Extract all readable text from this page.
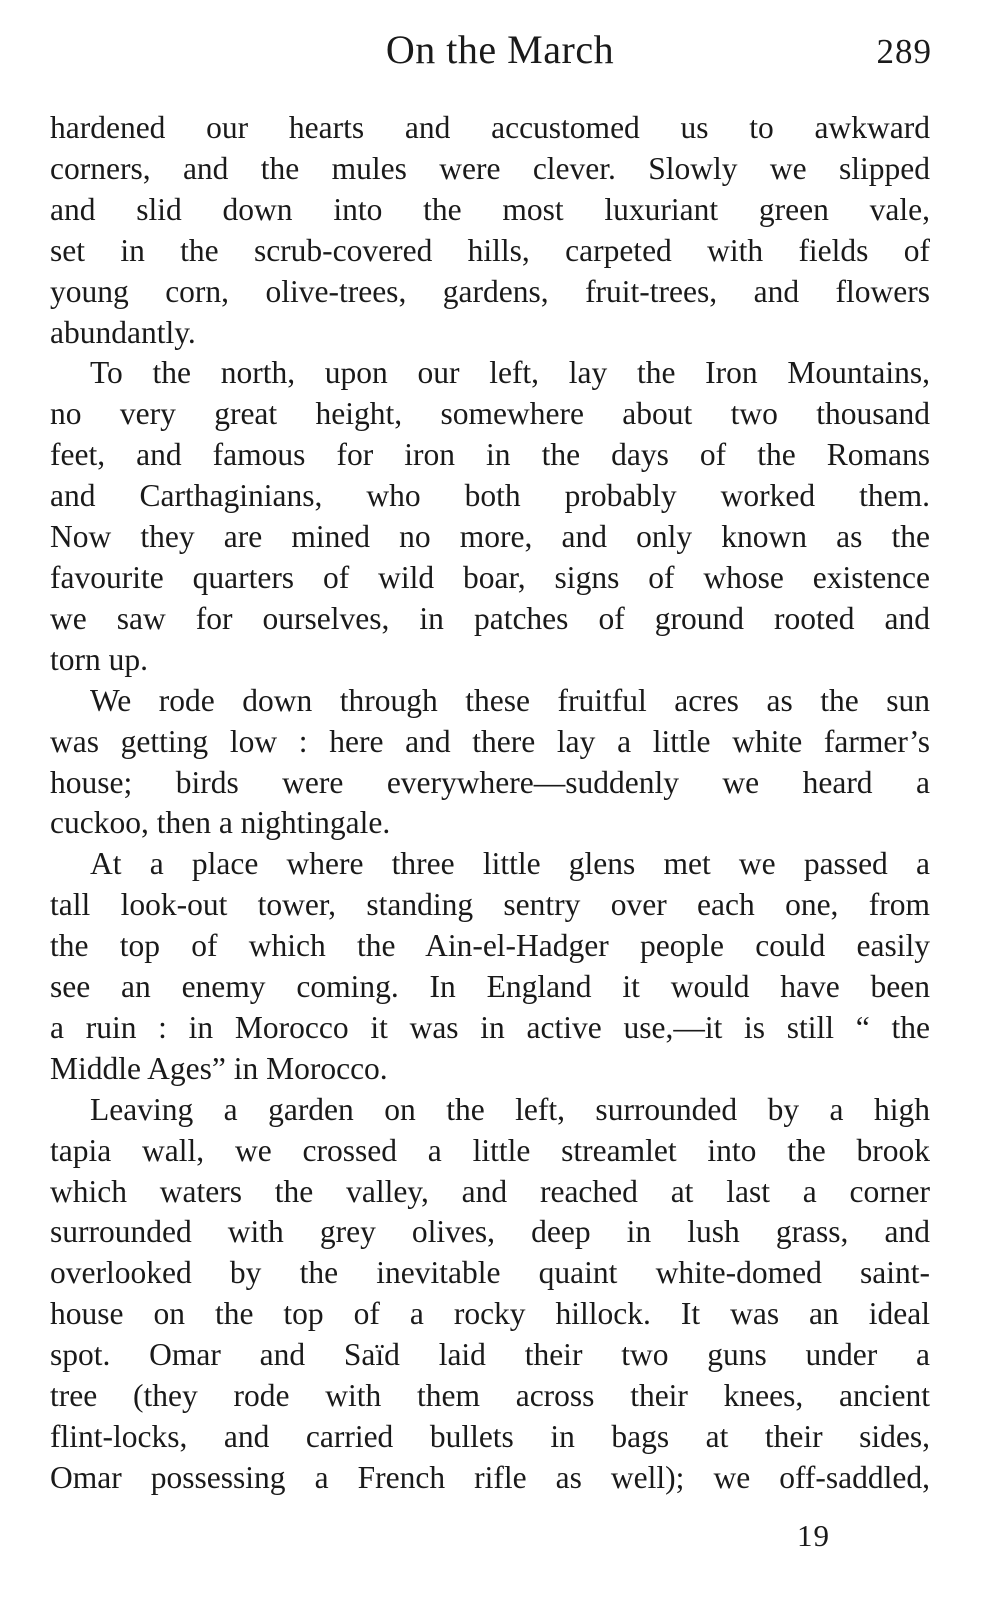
On the March	289
hardened our hearts and accustomed us to awkward
corners, and the mules were clever. Slowly we slipped
and slid down into the most luxuriant green vale,
set in the scrub-covered hills, carpeted with fields of
young corn, olive-trees, gardens, fruit-trees, and flowers
abundantly.
To the north, upon our left, lay the Iron Mountains,
no very great height, somewhere about two thousand
feet, and famous for iron in the days of the Romans
and Carthaginians, who both probably worked them.
Now they are mined no more, and only known as the
favourite quarters of wild boar, signs of whose existence
we saw for ourselves, in patches of ground rooted and
torn up.
We rode down through these fruitful acres as the sun
was getting low : here and there lay a little white farmer’s
house; birds were everywhere—suddenly we heard a
cuckoo, then a nightingale.
At a place where three little glens met we passed a
tall look-out tower, standing sentry over each one, from
the top of which the Ain-el-Hadger people could easily
see an enemy coming. In England it would have been
a ruin : in Morocco it was in active use,—it is still “ the
Middle Ages” in Morocco.
Leaving a garden on the left, surrounded by a high
tapia wall, we crossed a little streamlet into the brook
which waters the valley, and reached at last a corner
surrounded with grey olives, deep in lush grass, and
overlooked by the inevitable quaint white-domed saint-
house on the top of a rocky hillock. It was an ideal
spot. Omar and Saïd laid their two guns under a
tree (they rode with them across their knees, ancient
flint-locks, and carried bullets in bags at their sides,
Omar possessing a French rifle as well); we off-saddled,
19
